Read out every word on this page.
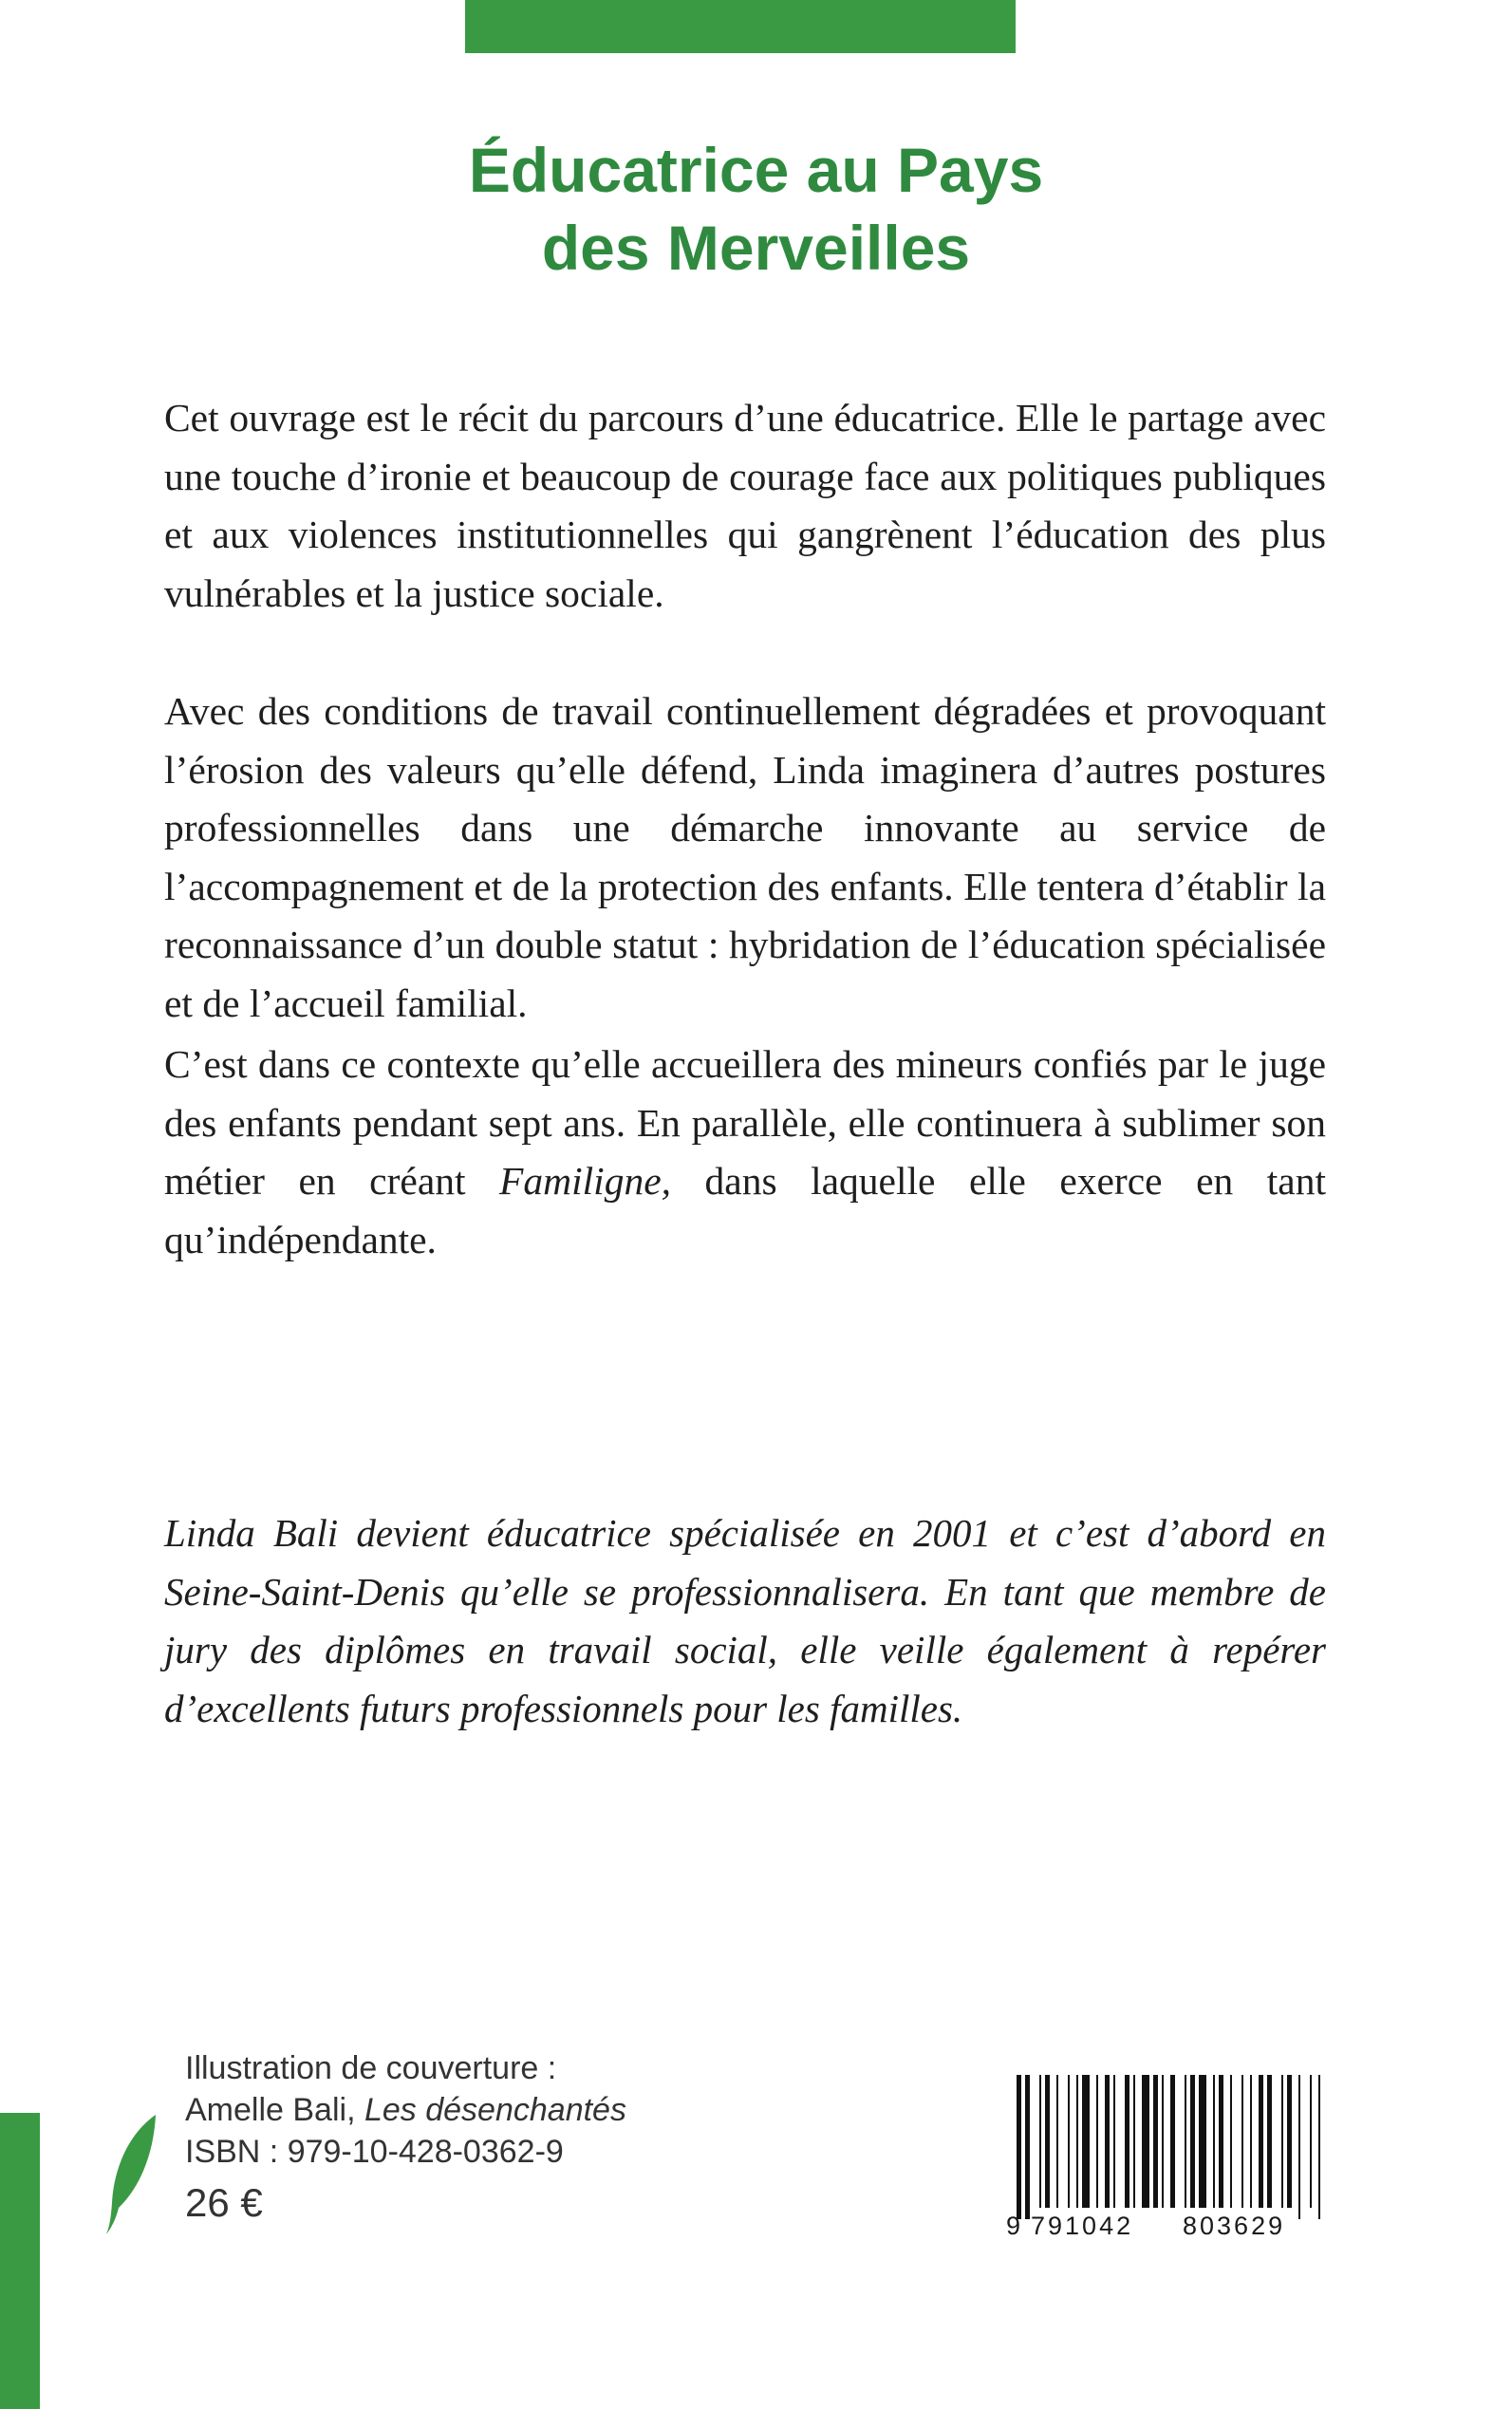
Éducatrice au Pays
des Merveilles

Cet ouvrage est le récit du parcours d’une éducatrice. Elle le partage avec une touche d’ironie et beaucoup de courage face aux politiques publiques et aux violences institutionnelles qui gangrènent l’éducation des plus vulnérables et la justice sociale.

Avec des conditions de travail continuellement dégradées et provoquant l’érosion des valeurs qu’elle défend, Linda imaginera d’autres postures professionnelles dans une démarche innovante au service de l’accompagnement et de la protection des enfants. Elle tentera d’établir la reconnaissance d’un double statut : hybridation de l’éducation spécialisée et de l’accueil familial.

C’est dans ce contexte qu’elle accueillera des mineurs confiés par le juge des enfants pendant sept ans. En parallèle, elle continuera à sublimer son métier en créant Familigne, dans laquelle elle exerce en tant qu’indépendante.

Linda Bali devient éducatrice spécialisée en 2001 et c’est d’abord en Seine-Saint-Denis qu’elle se professionnalisera. En tant que membre de jury des diplômes en travail social, elle veille également à repérer d’excellents futurs professionnels pour les familles.

Illustration de couverture :
Amelle Bali, Les désenchantés
ISBN : 979-10-428-0362-9
26 €
9 791042	803629
